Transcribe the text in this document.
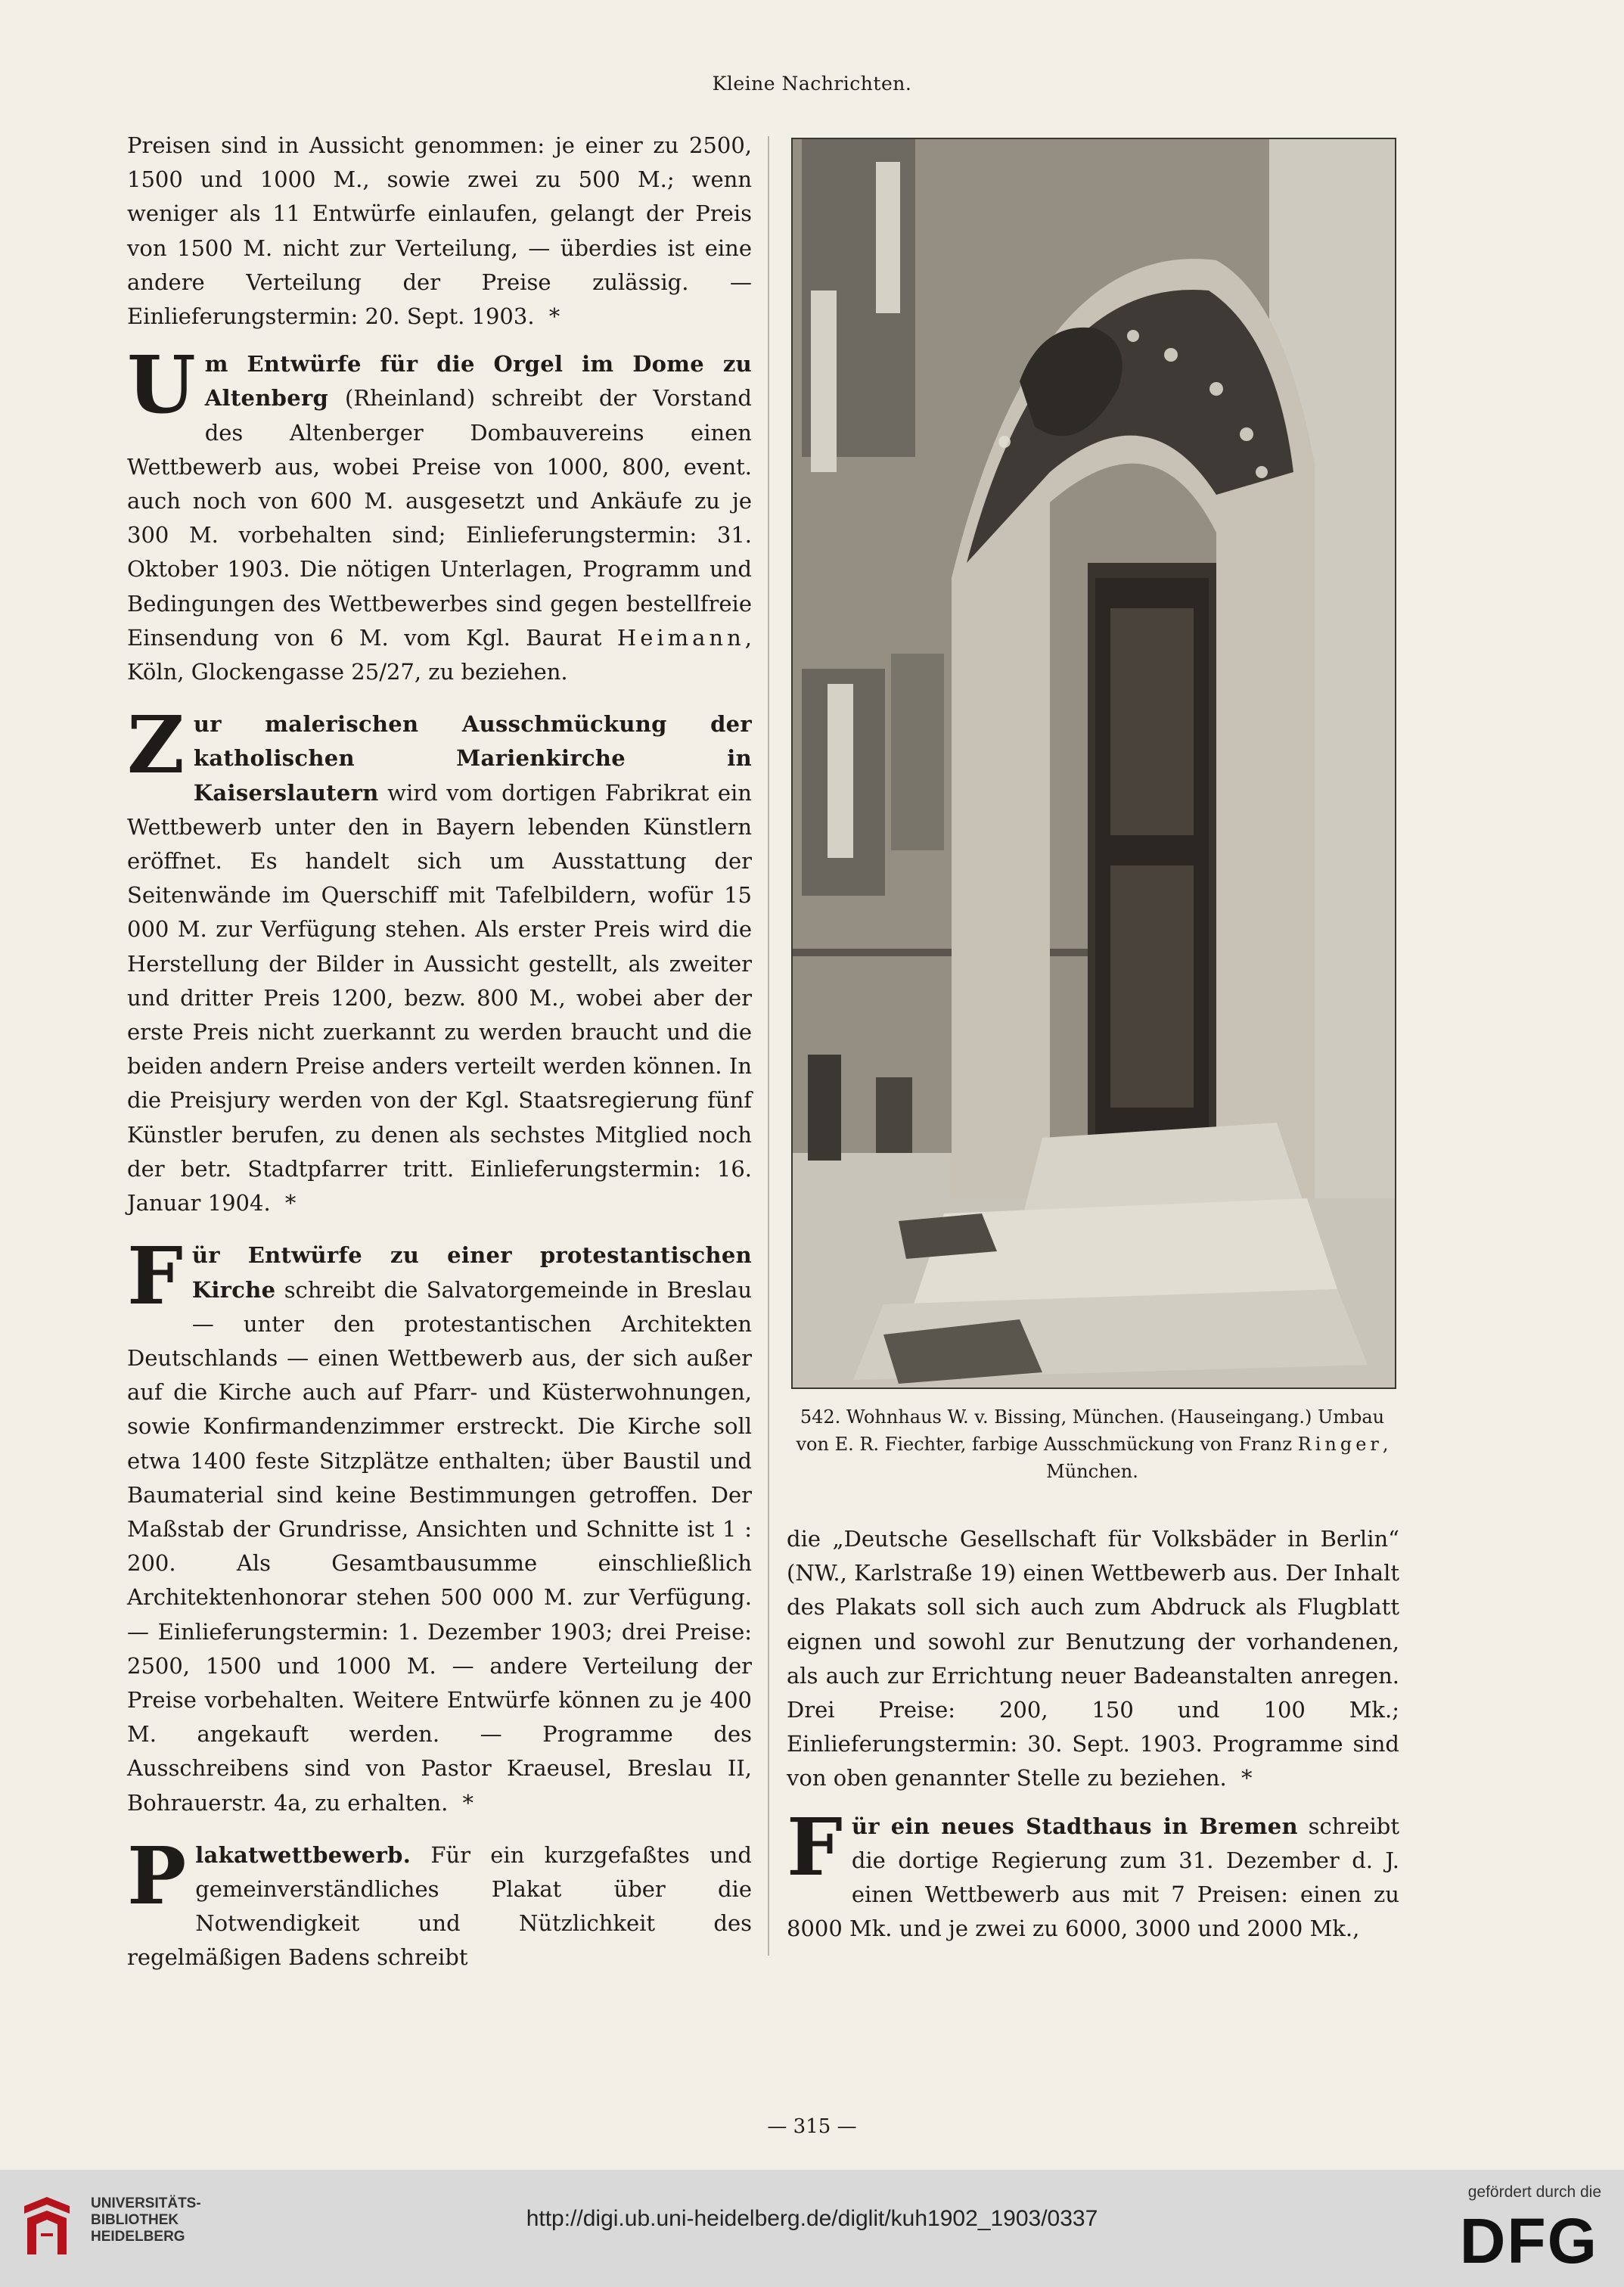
Kleine Nachrichten.

Preisen sind in Aussicht genommen: je einer zu 2500, 1500 und 1000 M., sowie zwei zu 500 M.; wenn weniger als 11 Entwürfe einlaufen, gelangt der Preis von 1500 M. nicht zur Verteilung, — überdies ist eine andere Verteilung der Preise zulässig. — Einlieferungstermin: 20. Sept. 1903. *

U m Entwürfe für die Orgel im Dome zu Altenberg (Rheinland) schreibt der Vorstand des Altenberger Dombauvereins einen Wettbewerb aus, wobei Preise von 1000, 800, event. auch noch von 600 M. ausgesetzt und Ankäufe zu je 300 M. vorbehalten sind; Einlieferungstermin: 31. Oktober 1903. Die nötigen Unterlagen, Programm und Bedingungen des Wettbewerbes sind gegen bestellfreie Einsendung von 6 M. vom Kgl. Baurat Heimann, Köln, Glockengasse 25/27, zu beziehen.

Z ur malerischen Ausschmückung der katholischen Marienkirche in Kaiserslautern wird vom dortigen Fabrikrat ein Wettbewerb unter den in Bayern lebenden Künstlern eröffnet. Es handelt sich um Ausstattung der Seitenwände im Querschiff mit Tafelbildern, wofür 15 000 M. zur Verfügung stehen. Als erster Preis wird die Herstellung der Bilder in Aussicht gestellt, als zweiter und dritter Preis 1200, bezw. 800 M., wobei aber der erste Preis nicht zuerkannt zu werden braucht und die beiden andern Preise anders verteilt werden können. In die Preisjury werden von der Kgl. Staatsregierung fünf Künstler berufen, zu denen als sechstes Mitglied noch der betr. Stadtpfarrer tritt. Einlieferungstermin: 16. Januar 1904. *

F ür Entwürfe zu einer protestantischen Kirche schreibt die Salvatorgemeinde in Breslau — unter den protestantischen Architekten Deutschlands — einen Wettbewerb aus, der sich außer auf die Kirche auch auf Pfarr- und Küsterwohnungen, sowie Konfirmandenzimmer erstreckt. Die Kirche soll etwa 1400 feste Sitzplätze enthalten; über Baustil und Baumaterial sind keine Bestimmungen getroffen. Der Maßstab der Grundrisse, Ansichten und Schnitte ist 1 : 200. Als Gesamtbausumme einschließlich Architektenhonorar stehen 500 000 M. zur Verfügung. — Einlieferungstermin: 1. Dezember 1903; drei Preise: 2500, 1500 und 1000 M. — andere Verteilung der Preise vorbehalten. Weitere Entwürfe können zu je 400 M. angekauft werden. — Programme des Ausschreibens sind von Pastor Kraeusel, Breslau II, Bohrauerstr. 4a, zu erhalten. *

P lakatwettbewerb. Für ein kurzgefaßtes und gemeinverständliches Plakat über die Notwendigkeit und Nützlichkeit des regelmäßigen Badens schreibt

542. Wohnhaus W. v. Bissing, München. (Hauseingang.) Umbau von E. R. Fiechter, farbige Ausschmückung von Franz Ringer, München.

die „Deutsche Gesellschaft für Volksbäder in Berlin“ (NW., Karlstraße 19) einen Wettbewerb aus. Der Inhalt des Plakats soll sich auch zum Abdruck als Flugblatt eignen und sowohl zur Benutzung der vorhandenen, als auch zur Errichtung neuer Badeanstalten anregen. Drei Preise: 200, 150 und 100 Mk.; Einlieferungstermin: 30. Sept. 1903. Programme sind von oben genannter Stelle zu beziehen. *

F ür ein neues Stadthaus in Bremen schreibt die dortige Regierung zum 31. Dezember d. J. einen Wettbewerb aus mit 7 Preisen: einen zu 8000 Mk. und je zwei zu 6000, 3000 und 2000 Mk.,

— 315 —
UNIVERSITÄTS-
BIBLIOTHEK
HEIDELBERG
http://digi.ub.uni-heidelberg.de/diglit/kuh1902_1903/0337
gefördert durch die
DFG
